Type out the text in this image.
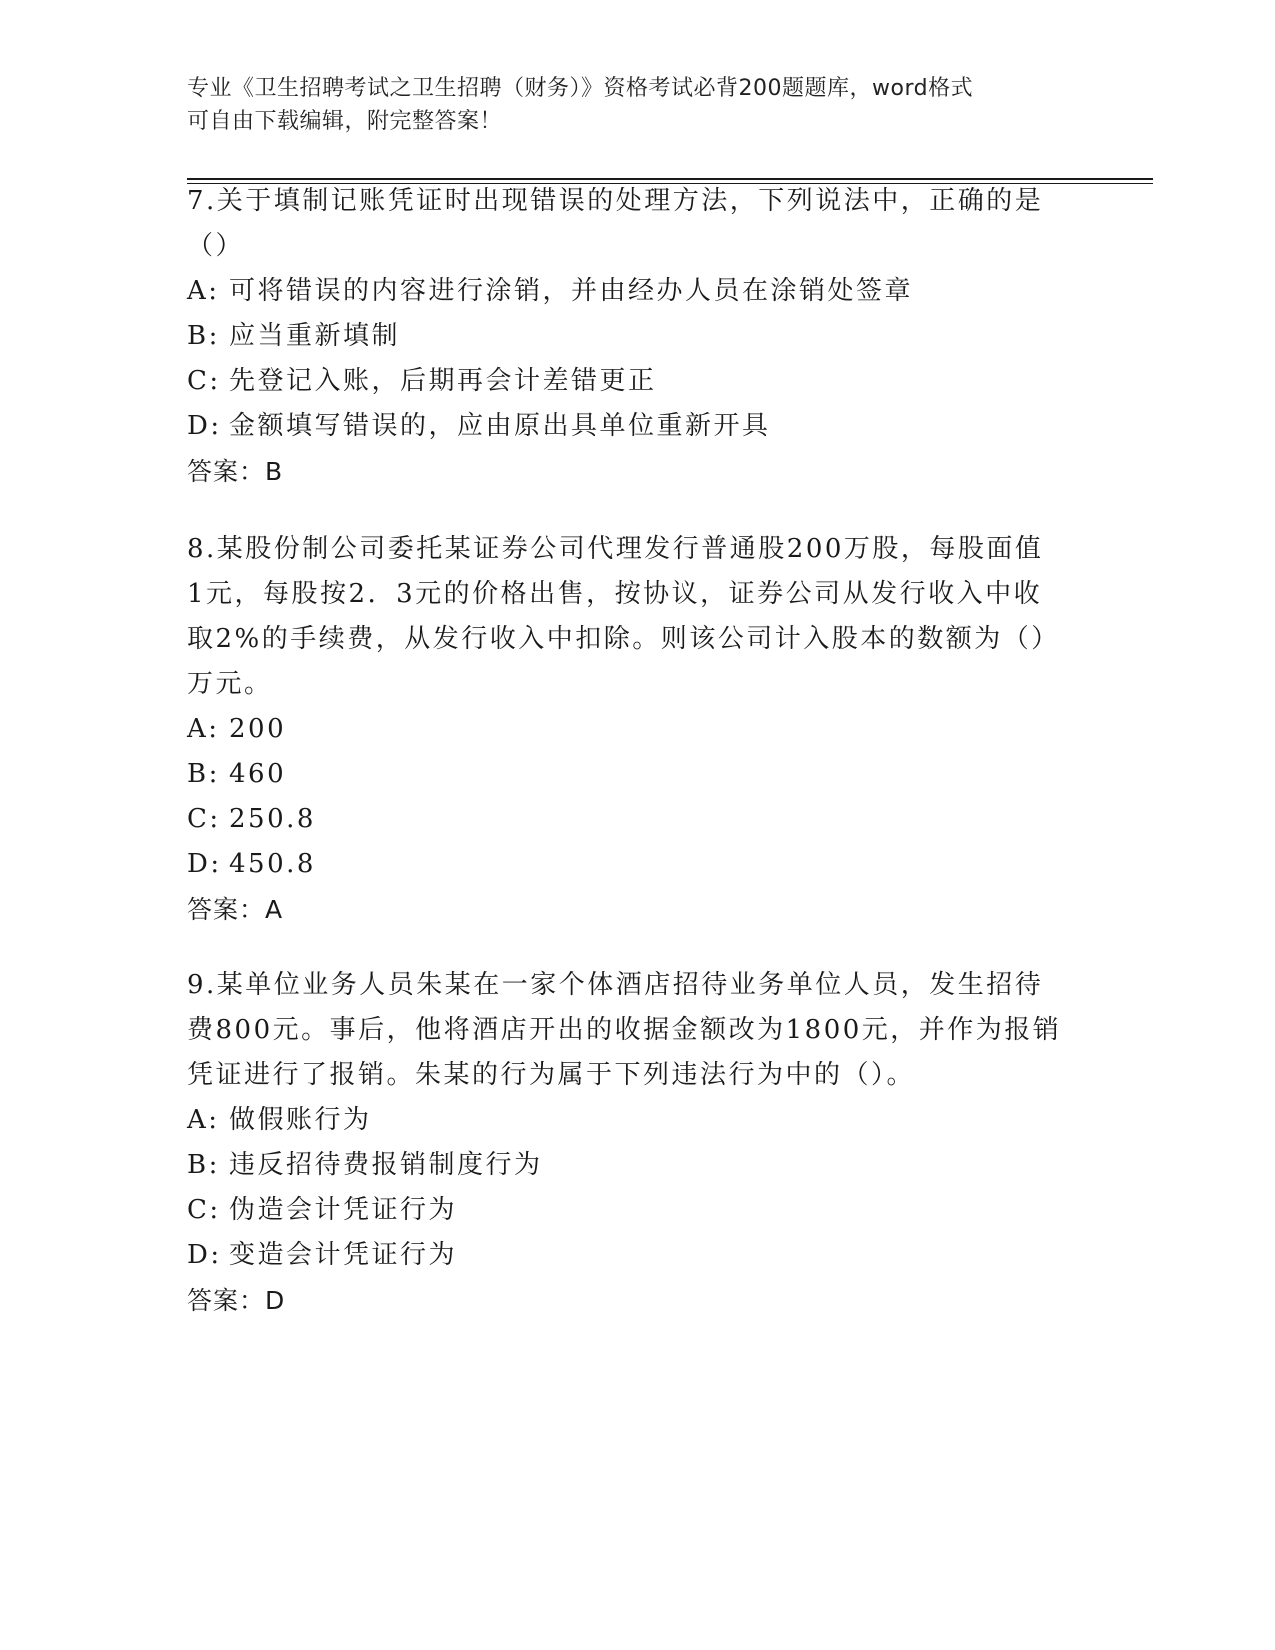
专业《卫生招聘考试之卫生招聘（财务）》资格考试必背200题题库，word格式
可自由下载编辑，附完整答案！

7.关于填制记账凭证时出现错误的处理方法，下列说法中，正确的是

（）

A: 可将错误的内容进行涂销，并由经办人员在涂销处签章

B: 应当重新填制

C: 先登记入账，后期再会计差错更正

D: 金额填写错误的，应由原出具单位重新开具

答案：B

8.某股份制公司委托某证券公司代理发行普通股200万股，每股面值

1元，每股按2．3元的价格出售，按协议，证券公司从发行收入中收

取2%的手续费，从发行收入中扣除。则该公司计入股本的数额为（）

万元。

A: 200

B: 460

C: 250.8

D: 450.8

答案：A

9.某单位业务人员朱某在一家个体酒店招待业务单位人员，发生招待

费800元。事后，他将酒店开出的收据金额改为1800元，并作为报销

凭证进行了报销。朱某的行为属于下列违法行为中的（）。

A: 做假账行为

B: 违反招待费报销制度行为

C: 伪造会计凭证行为

D: 变造会计凭证行为

答案：D
